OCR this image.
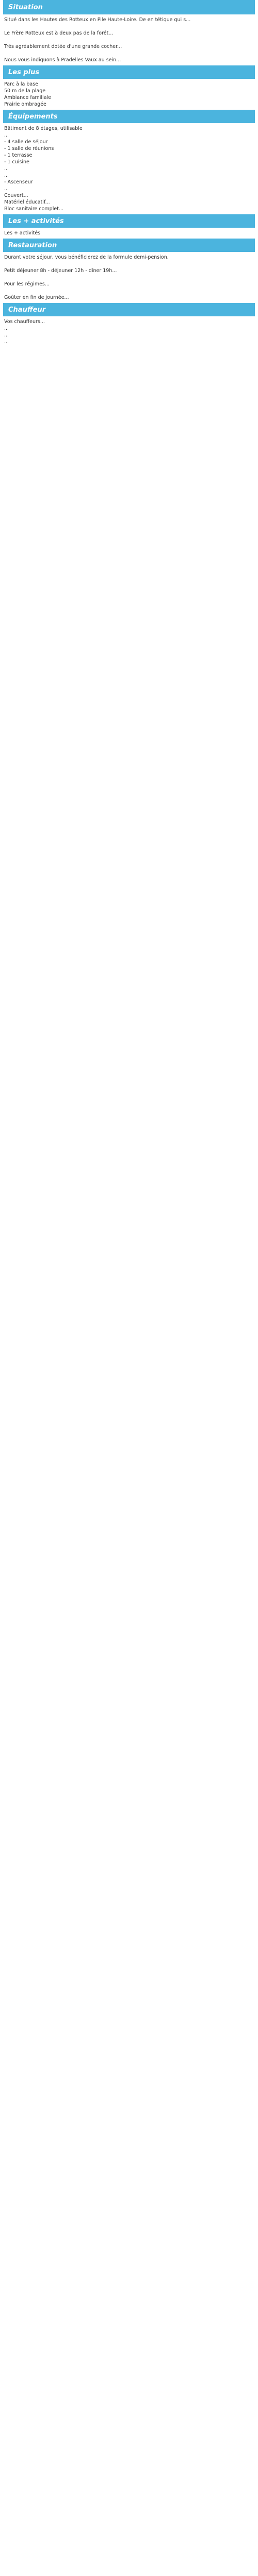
Situation
Situé dans les Hautes des Rotteux en Pile Haute-Loire. De en tétique qui s...
Le Frère Rotteux est à deux pas de la forêt...
Très agréablement dotée d'une grande cocher...
Nous vous indiquons à Pradelles Vaux au sein...
Les plus
Parc à la base
50 m de la plage
Ambiance familiale
Prairie ombragée
Équipements
Bâtiment de 8 étages, utilisable
...
- 4 salle de séjour
- 1 salle de réunions
- 1 terrasse
- 1 cuisine
...
...
- Ascenseur
...
Couvert...
Matériel éducatif...
Bloc sanitaire complet...
Les + activités
Les + activités
Restauration
Durant votre séjour, vous bénéficierez de la formule demi-pension.
Petit déjeuner 8h - déjeuner 12h - dîner 19h...
Pour les régimes...
Goûter en fin de journée...
Chauffeur
Vos chauffeurs...
...
...
...
